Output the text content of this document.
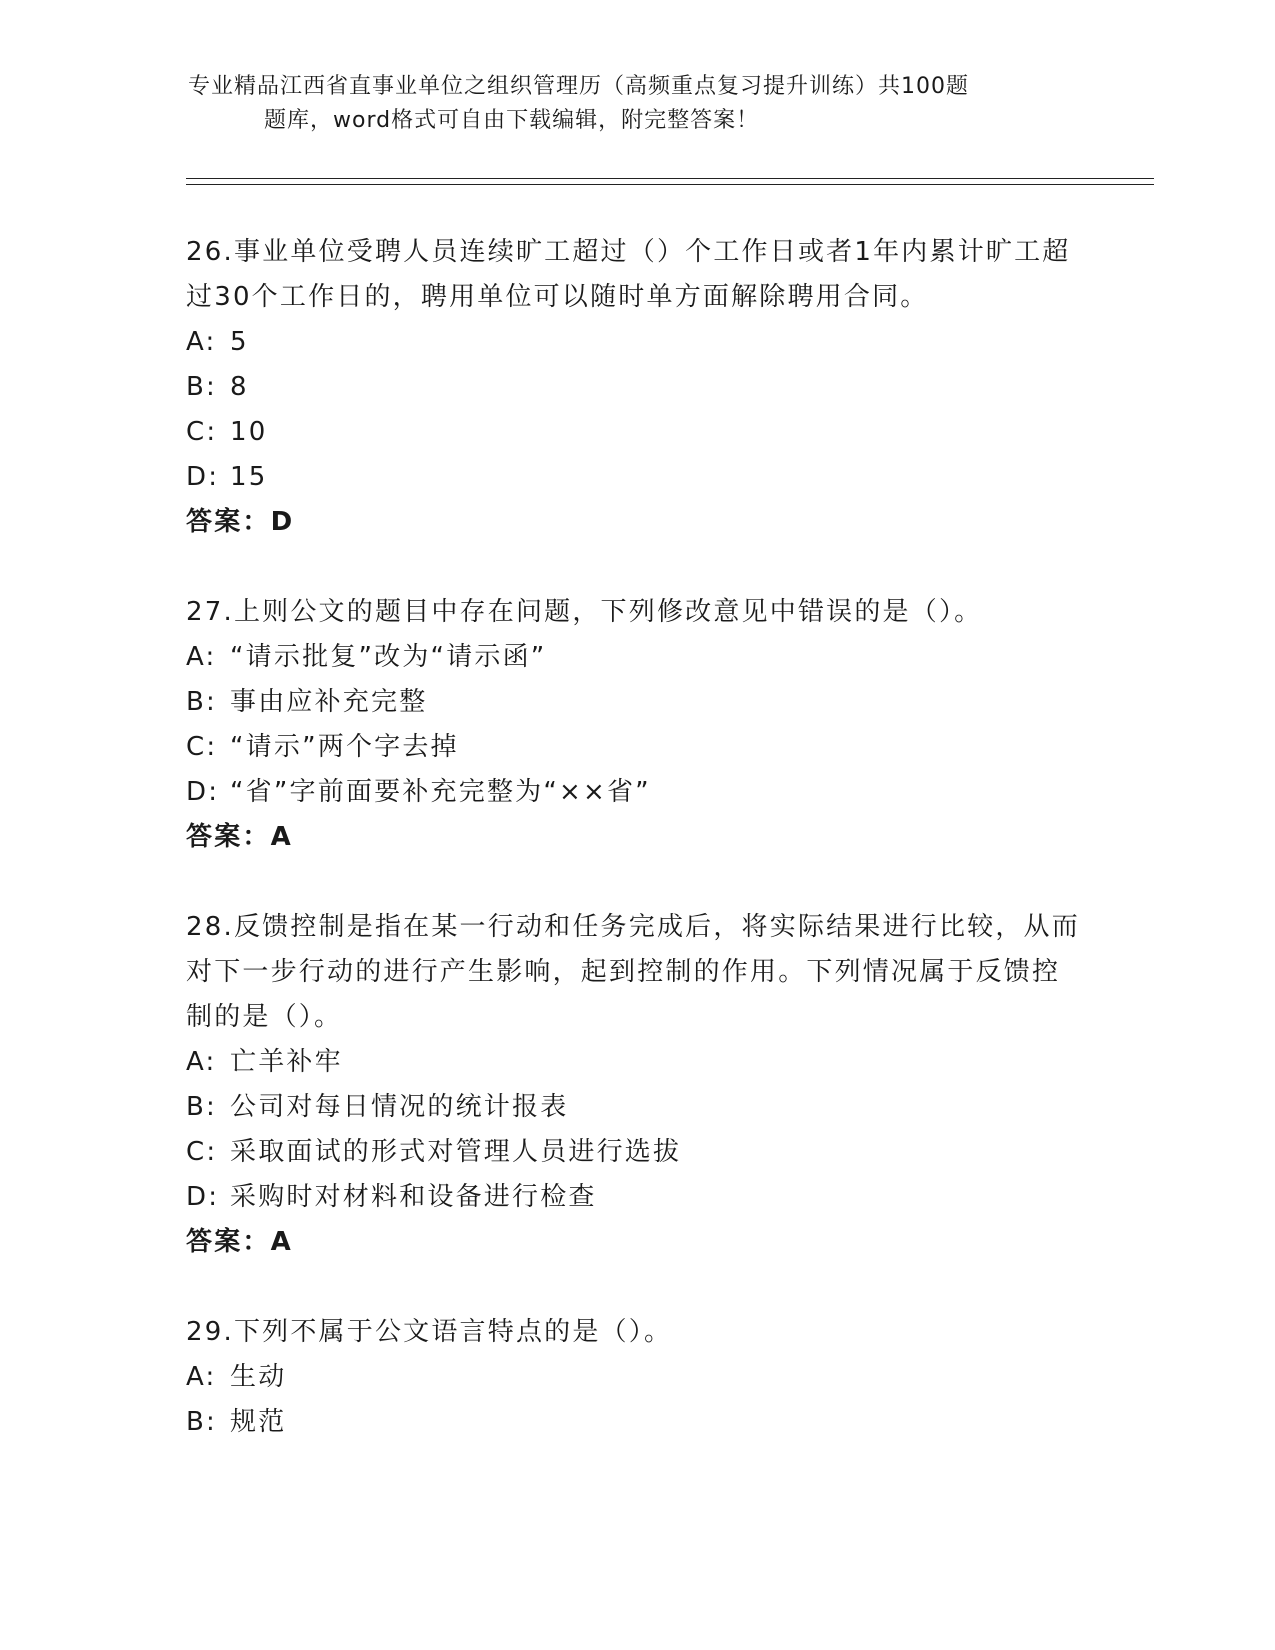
专业精品江西省直事业单位之组织管理历（高频重点复习提升训练）共100题
题库，word格式可自由下载编辑，附完整答案！

26.事业单位受聘人员连续旷工超过（）个工作日或者1年内累计旷工超过30个工作日的，聘用单位可以随时单方面解除聘用合同。

A: 5

B: 8

C: 10

D: 15

答案：D

27.上则公文的题目中存在问题，下列修改意见中错误的是（）。

A: “请示批复”改为“请示函”

B: 事由应补充完整

C: “请示”两个字去掉

D: “省”字前面要补充完整为“××省”

答案：A

28.反馈控制是指在某一行动和任务完成后，将实际结果进行比较，从而对下一步行动的进行产生影响，起到控制的作用。下列情况属于反馈控制的是（）。

A: 亡羊补牢

B: 公司对每日情况的统计报表

C: 采取面试的形式对管理人员进行选拔

D: 采购时对材料和设备进行检查

答案：A

29.下列不属于公文语言特点的是（）。

A: 生动

B: 规范
